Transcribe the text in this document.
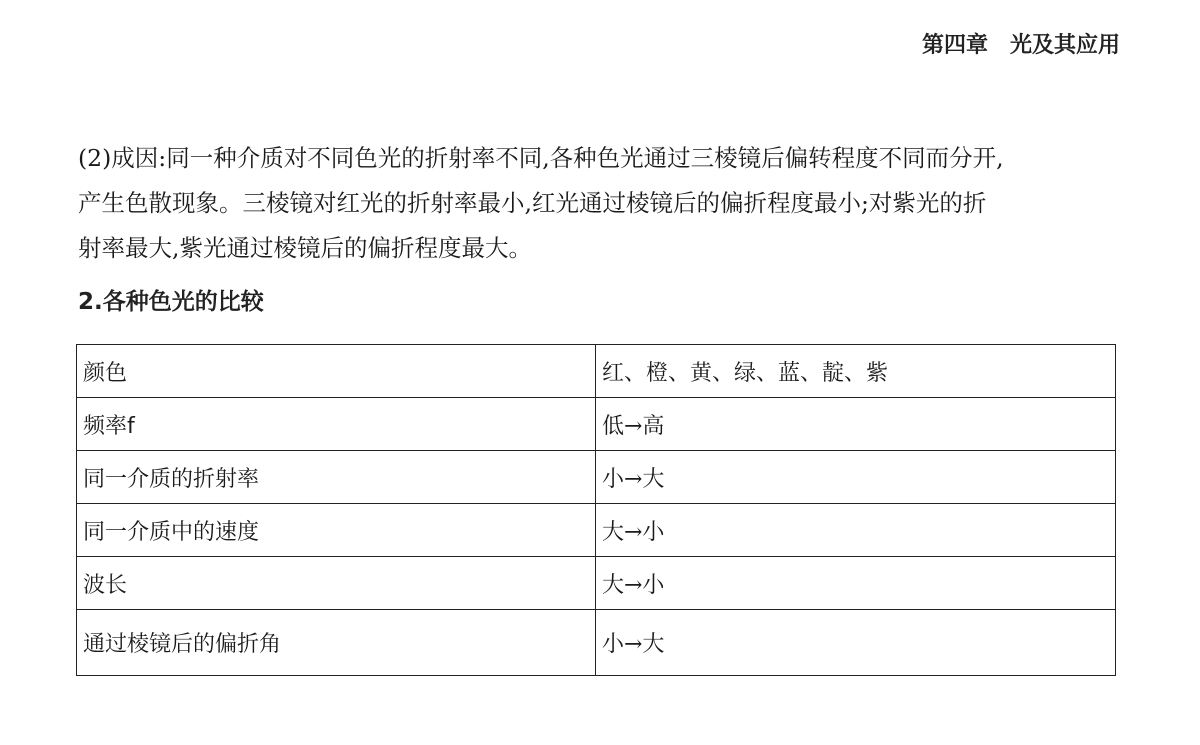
第四章 光及其应用
(2)成因:同一种介质对不同色光的折射率不同,各种色光通过三棱镜后偏转程度不同而分开,
产生色散现象。三棱镜对红光的折射率最小,红光通过棱镜后的偏折程度最小;对紫光的折
射率最大,紫光通过棱镜后的偏折程度最大。
2.各种色光的比较
颜色	红、橙、黄、绿、蓝、靛、紫
频率f	低→高
同一介质的折射率	小→大
同一介质中的速度	大→小
波长	大→小
通过棱镜后的偏折角	小→大
